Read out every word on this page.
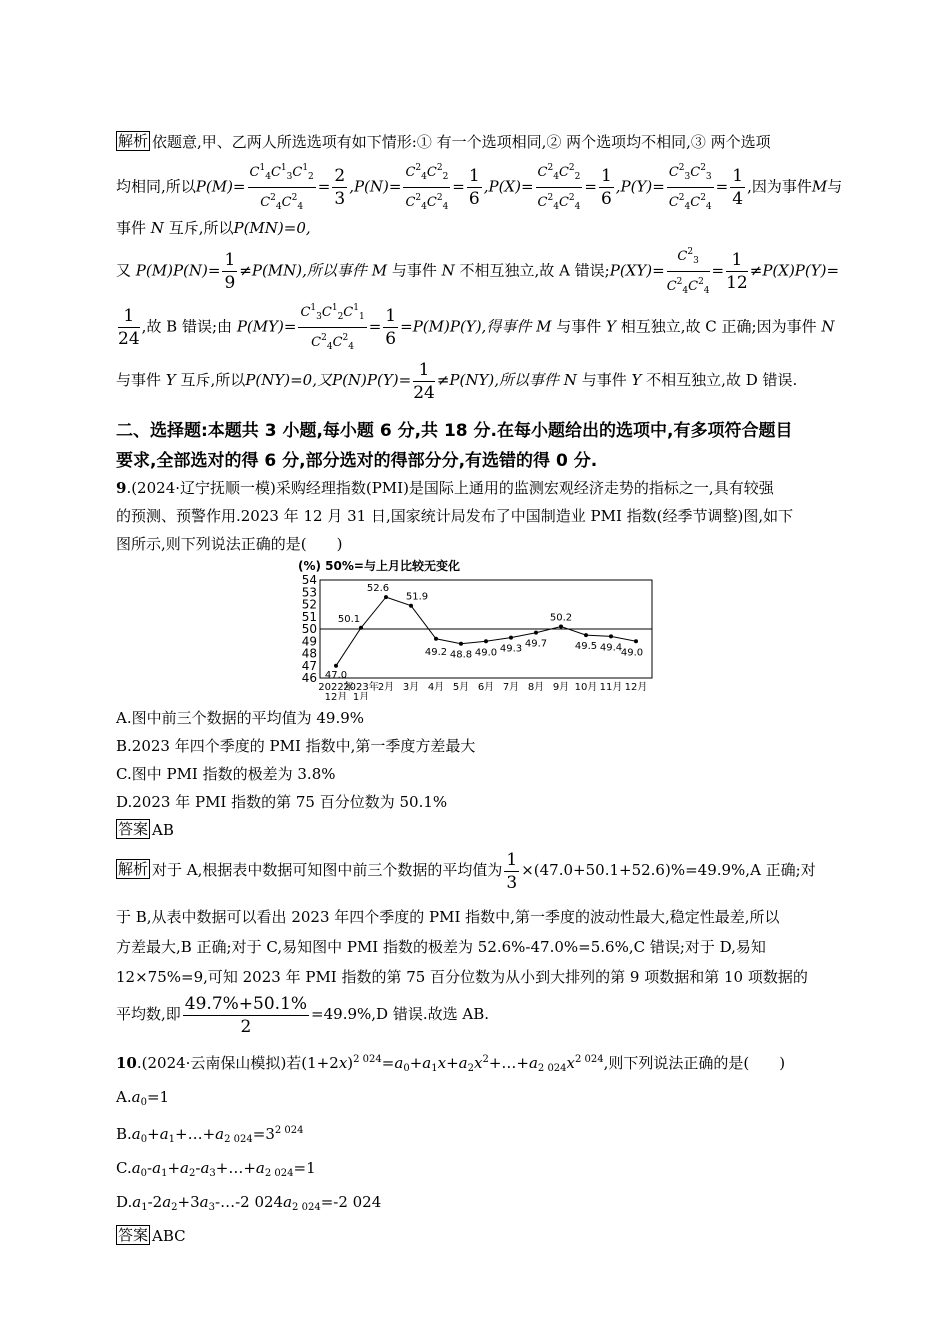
解析 依题意,甲、乙两人所选选项有如下情形:① 有一个选项相同,② 两个选项均不相同,③ 两个选项
均相同,所以$P(M)= \frac{C^1_4C^1_3C^1_2}{C^2_4C^2_4} = \frac{2}{3} ,P(N)= \frac{C^2_4C^2_2}{C^2_4C^2_4} = \frac{1}{6} ,P(X)= \frac{C^2_4C^2_2}{C^2_4C^2_4} = \frac{1}{6} ,P(Y)= \frac{C^2_3C^2_3}{C^2_4C^2_4} = \frac{1}{4}$ ,因为事件M与
事件 N 互斥,所以P(MN)=0,
又 $P(M)P(N)= \frac{1}{9} \ne P(MN)$,所以事件 M 与事件 N 不相互独立,故 A 错误;P(XY)= $\frac{C^2_3}{C^2_4C^2_4} = \frac{1}{12} \ne P(X)P(Y)=$
$\frac{1}{24}$ ,故 B 错误;由 $P(MY)= \frac{C^1_3C^1_2C^1_1}{C^2_4C^2_4} = \frac{1}{6} =P(M)P(Y)$,得事件 M 与事件 Y 相互独立,故 C 正确;因为事件 N
与事件 Y 互斥,所以P(NY)=0,又$P(N)P(Y)= \frac{1}{24} \ne P(NY)$,所以事件 N 与事件 Y 不相互独立,故 D 错误.
二、选择题:本题共 3 小题,每小题 6 分,共 18 分.在每小题给出的选项中,有多项符合题目
要求,全部选对的得 6 分,部分选对的得部分分,有选错的得 0 分.
9.(2024·辽宁抚顺一模)采购经理指数(PMI)是国际上通用的监测宏观经济走势的指标之一,具有较强
的预测、预警作用.2023 年 12 月 31 日,国家统计局发布了中国制造业 PMI 指数(经季节调整)图,如下
图所示,则下列说法正确的是(　　)
(%) 50%=与上月比较无变化
54
53
52
51
50
49
48
47
46 47.0
50.1
52.6
51.9
49.2 48.8 49.0 49.3 49.7
50.2
49.5 49.4
49.0
2022年
2023年 2月 3月 4月 5月 6月 7月 8月 9月 10月 11月 12月
12月 1月
A.图中前三个数据的平均值为 49.9%
B.2023 年四个季度的 PMI 指数中,第一季度方差最大
C.图中 PMI 指数的极差为 3.8%
D.2023 年 PMI 指数的第 75 百分位数为 50.1%
答案 AB
解析 对于 A,根据表中数据可知图中前三个数据的平均值为 $\frac{1}{3} \times(47.0+50.1+52.6)\%=49.9\%,A$ 正确;对
于 B,从表中数据可以看出 2023 年四个季度的 PMI 指数中,第一季度的波动性最大,稳定性最差,所以
方差最大,B 正确;对于 C,易知图中 PMI 指数的极差为 52.6%-47.0%=5.6%,C 错误;对于 D,易知
12×75%=9,可知 2023 年 PMI 指数的第 75 百分位数为从小到大排列的第 9 项数据和第 10 项数据的
平均数,即 $\frac{49.7\%+50.1\%}{2} =49.9\%,D$ 错误.故选 AB.
10.(2024·云南保山模拟)若$(1+2x)^{2 024}=a_0+a_1x+a_2x^2+\dots+a_{2 024}x^{2 024}$,则下列说法正确的是(　　)
$A.a_0=1$
$B.a_0+a_1+\dots+a_{2 024}=3^{2 024}$
$C.a_0-a_1+a_2-a_3+\dots+a_{2 024}=1$
$D.a_1-2a_2+3a_3-\dots-2$ $024a_{2 024}=-2$ 024
答案 ABC
